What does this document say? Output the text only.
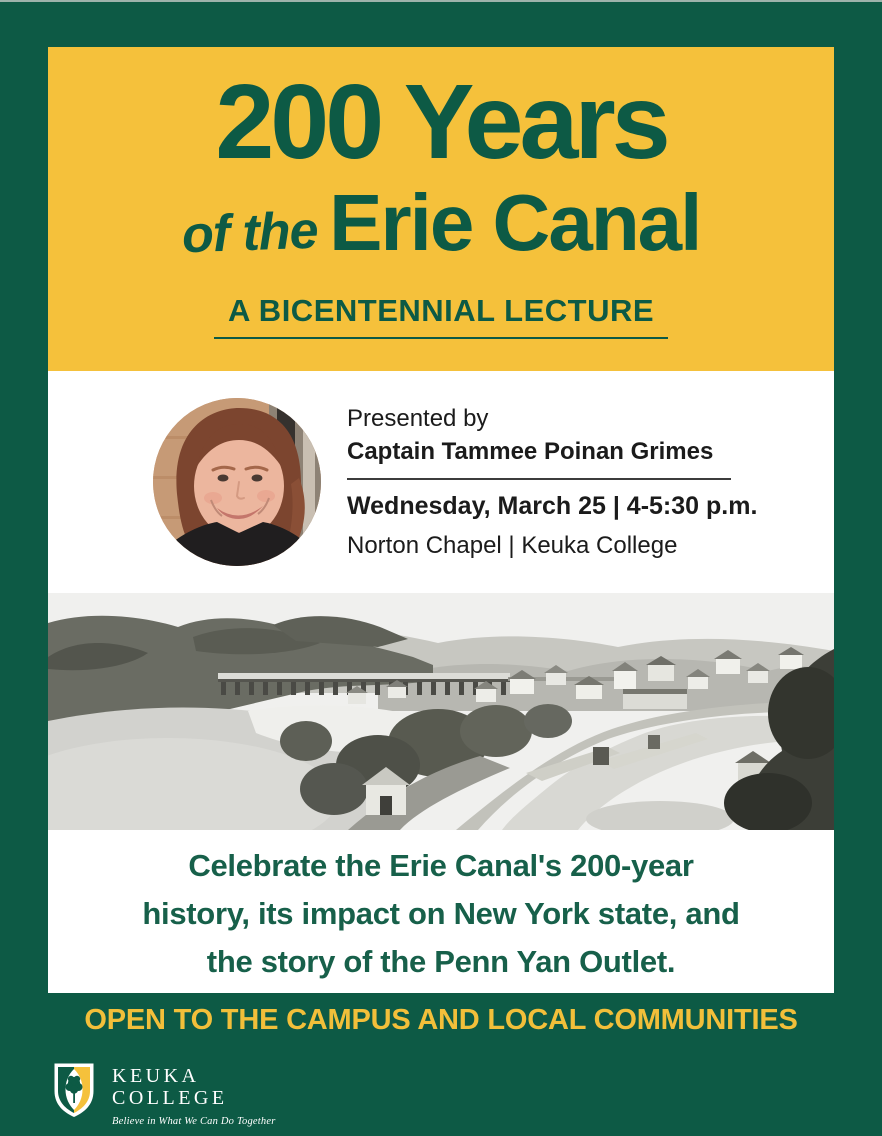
200 Years
of the Erie Canal
A BICENTENNIAL LECTURE
Presented by
Captain Tammee Poinan Grimes
Wednesday, March 25 | 4-5:30 p.m.
Norton Chapel | Keuka College
Celebrate the Erie Canal's 200-year
history, its impact on New York state, and
the story of the Penn Yan Outlet.
OPEN TO THE CAMPUS AND LOCAL COMMUNITIES
KEUKA
COLLEGE
Believe in What We Can Do Together
